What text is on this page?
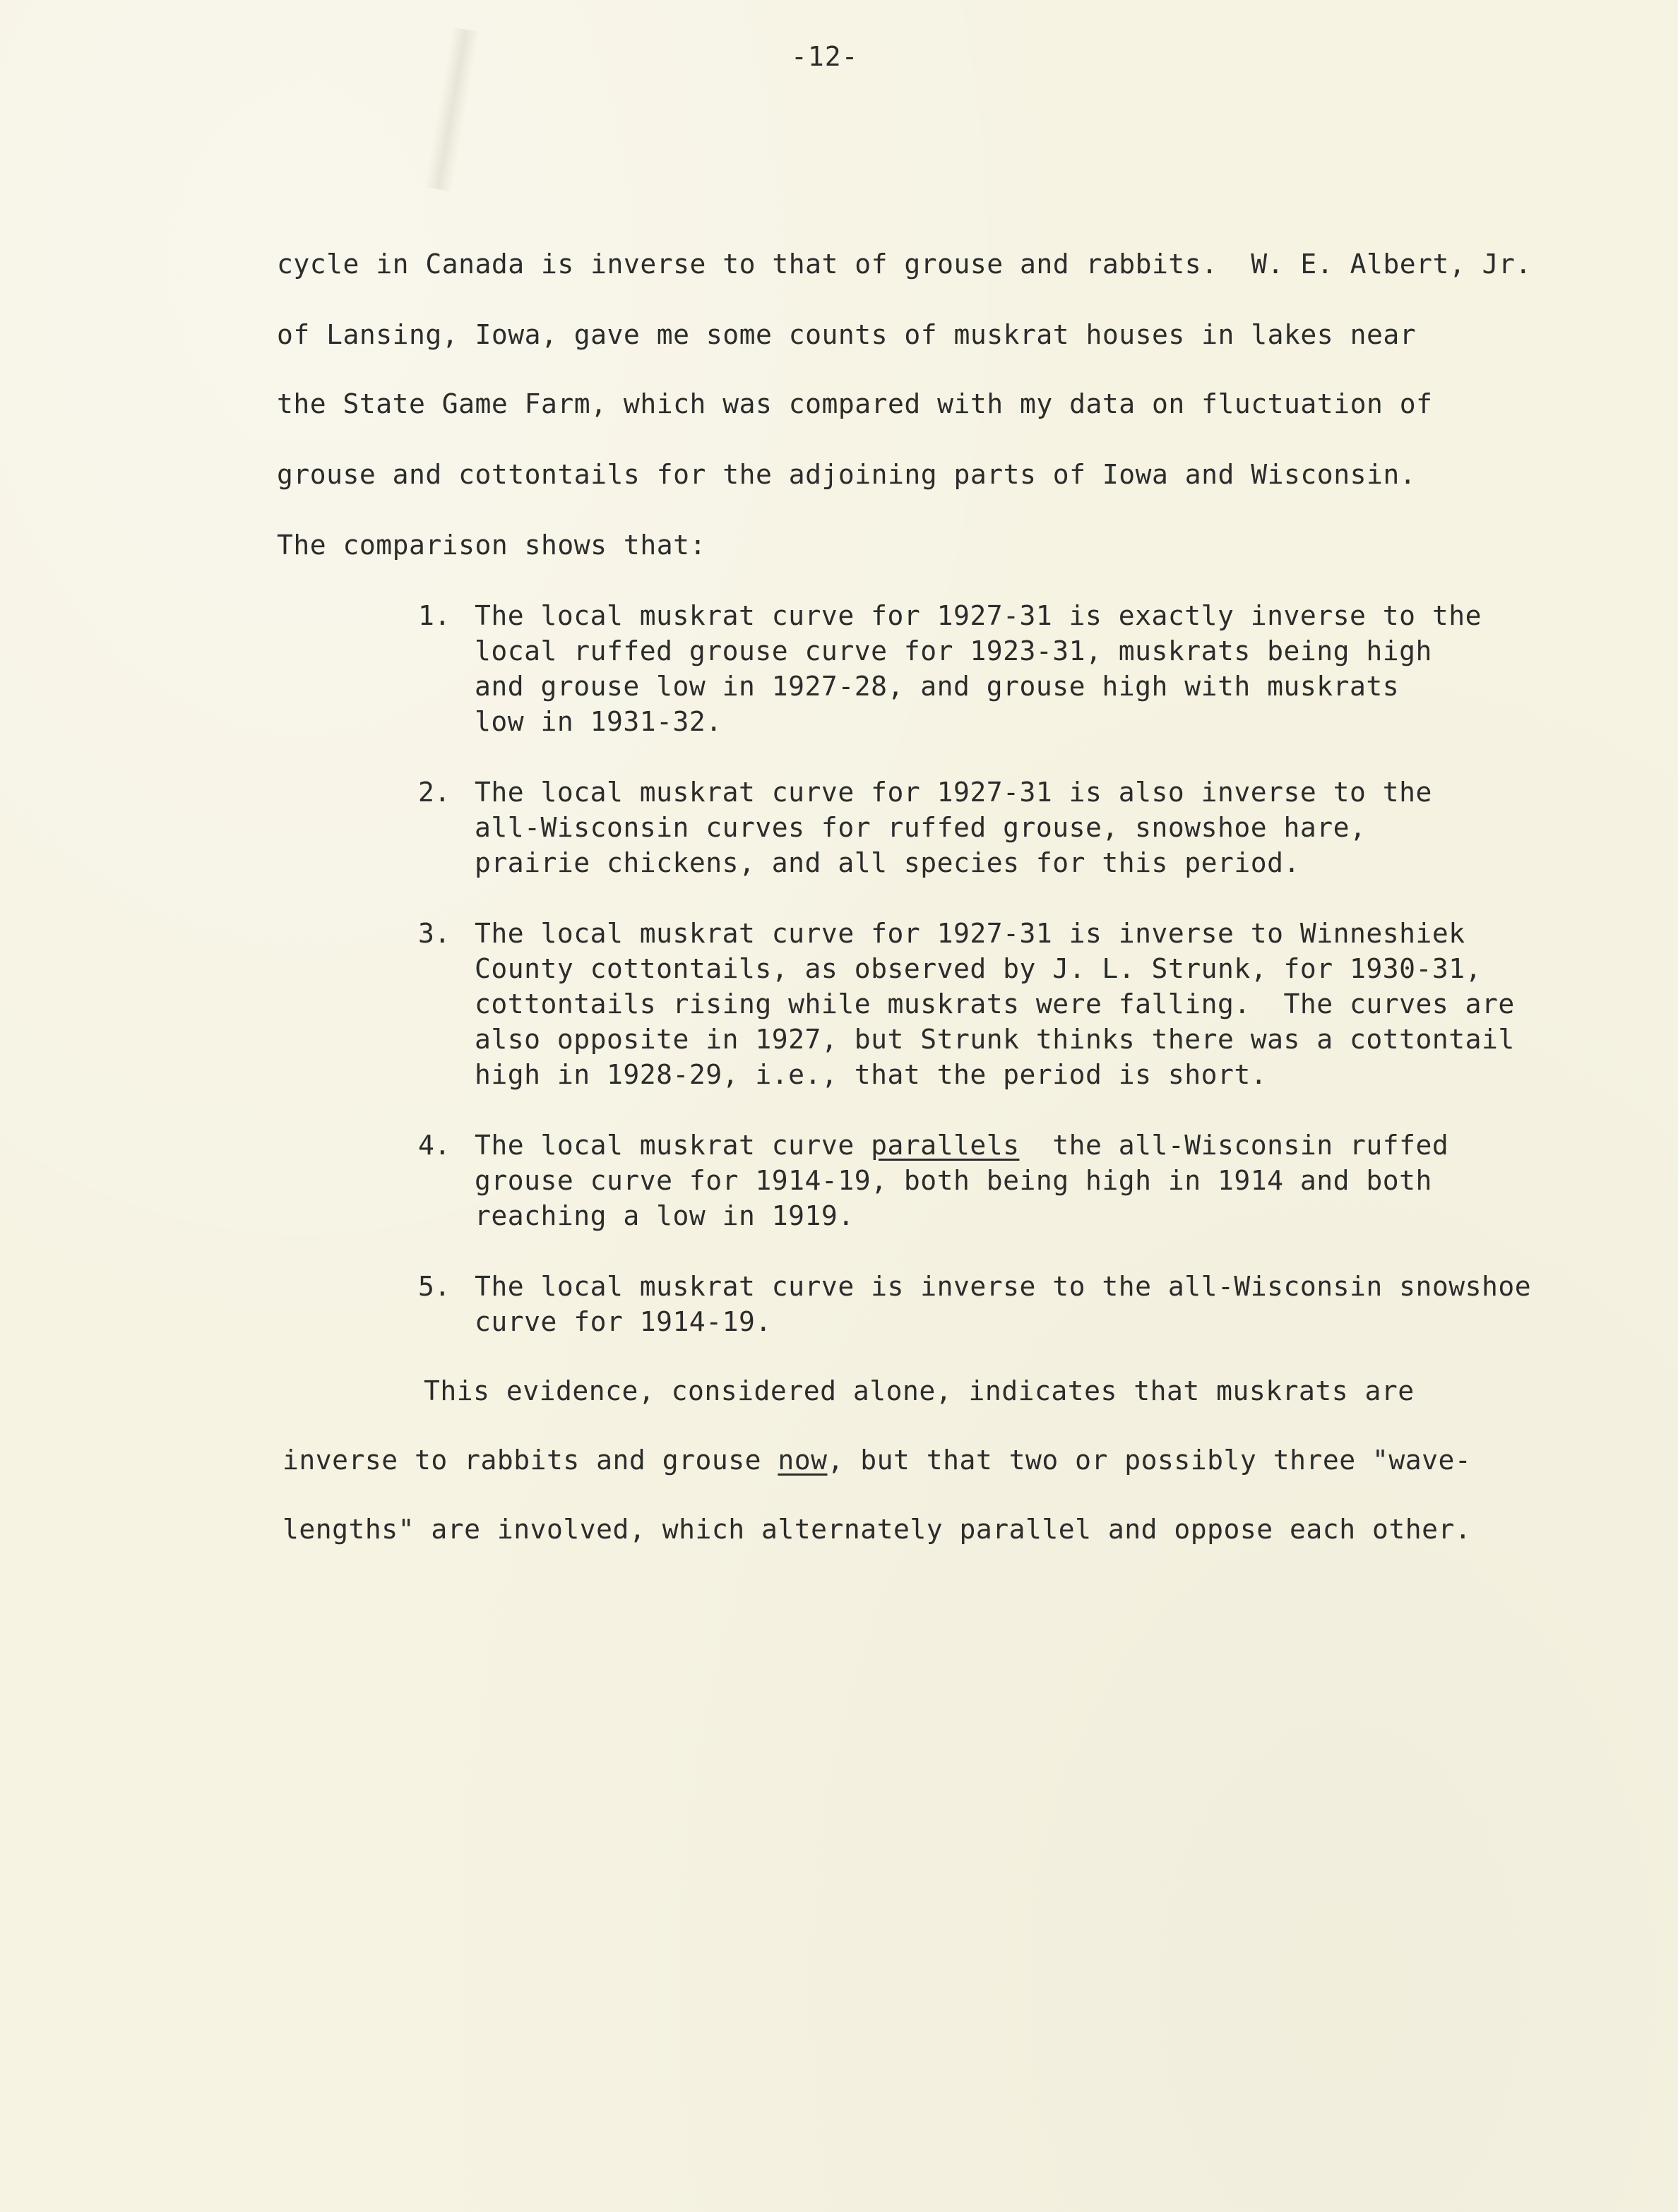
-12-
cycle in Canada is inverse to that of grouse and rabbits.  W. E. Albert, Jr.
of Lansing, Iowa, gave me some counts of muskrat houses in lakes near
the State Game Farm, which was compared with my data on fluctuation of
grouse and cottontails for the adjoining parts of Iowa and Wisconsin.
The comparison shows that:
1. The local muskrat curve for 1927-31 is exactly inverse to the
local ruffed grouse curve for 1923-31, muskrats being high
and grouse low in 1927-28, and grouse high with muskrats
low in 1931-32.
2. The local muskrat curve for 1927-31 is also inverse to the
all-Wisconsin curves for ruffed grouse, snowshoe hare,
prairie chickens, and all species for this period.
3. The local muskrat curve for 1927-31 is inverse to Winneshiek
County cottontails, as observed by J. L. Strunk, for 1930-31,
cottontails rising while muskrats were falling.  The curves are
also opposite in 1927, but Strunk thinks there was a cottontail
high in 1928-29, i.e., that the period is short.
4. The local muskrat curve parallels  the all-Wisconsin ruffed
grouse curve for 1914-19, both being high in 1914 and both
reaching a low in 1919.
5. The local muskrat curve is inverse to the all-Wisconsin snowshoe
curve for 1914-19.
This evidence, considered alone, indicates that muskrats are
inverse to rabbits and grouse now, but that two or possibly three "wave-
lengths" are involved, which alternately parallel and oppose each other.
